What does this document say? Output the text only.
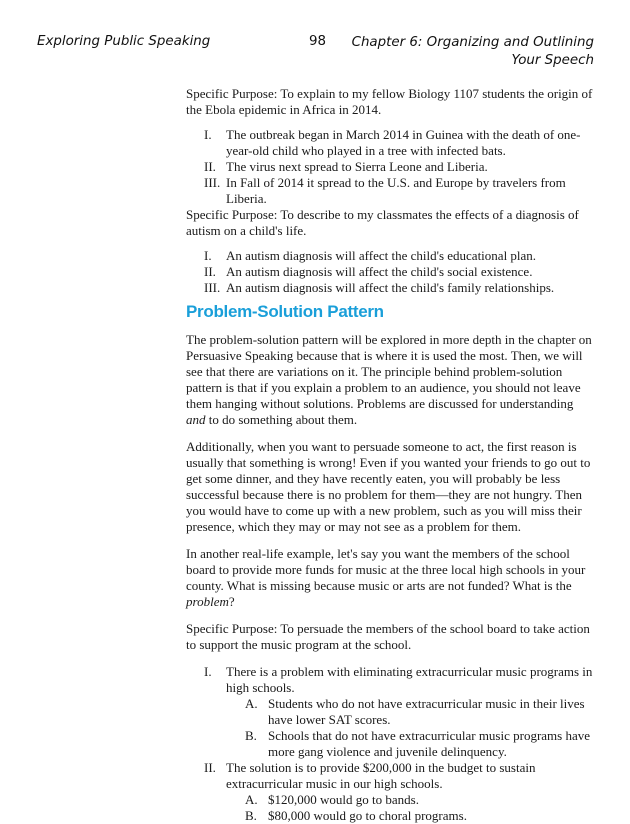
Exploring Public Speaking	98 Chapter 6: Organizing and Outlining
Your Speech

Specific Purpose: To explain to my fellow Biology 1107 students the origin of the Ebola epidemic in Africa in 2014.

I. The outbreak began in March 2014 in Guinea with the death of one-year-old child who played in a tree with infected bats.
II. The virus next spread to Sierra Leone and Liberia.
III. In Fall of 2014 it spread to the U.S. and Europe by travelers from Liberia.

Specific Purpose: To describe to my classmates the effects of a diagnosis of autism on a child's life.

I. An autism diagnosis will affect the child's educational plan.
II. An autism diagnosis will affect the child's social existence.
III. An autism diagnosis will affect the child's family relationships.
Problem-Solution Pattern

The problem-solution pattern will be explored in more depth in the chapter on Persuasive Speaking because that is where it is used the most. Then, we will see that there are variations on it. The principle behind problem-solution pattern is that if you explain a problem to an audience, you should not leave them hanging without solutions. Problems are discussed for understanding and to do something about them.

Additionally, when you want to persuade someone to act, the first reason is usually that something is wrong! Even if you wanted your friends to go out to get some dinner, and they have recently eaten, you will probably be less successful because there is no problem for them—they are not hungry. Then you would have to come up with a new problem, such as you will miss their presence, which they may or may not see as a problem for them.

In another real-life example, let's say you want the members of the school board to provide more funds for music at the three local high schools in your county. What is missing because music or arts are not funded? What is the problem?

Specific Purpose: To persuade the members of the school board to take action to support the music program at the school.

I. There is a problem with eliminating extracurricular music programs in high schools.
A. Students who do not have extracurricular music in their lives have lower SAT scores.
B. Schools that do not have extracurricular music programs have more gang violence and juvenile delinquency.
II. The solution is to provide $200,000 in the budget to sustain extracurricular music in our high schools.
A. $120,000 would go to bands.
B. $80,000 would go to choral programs.
